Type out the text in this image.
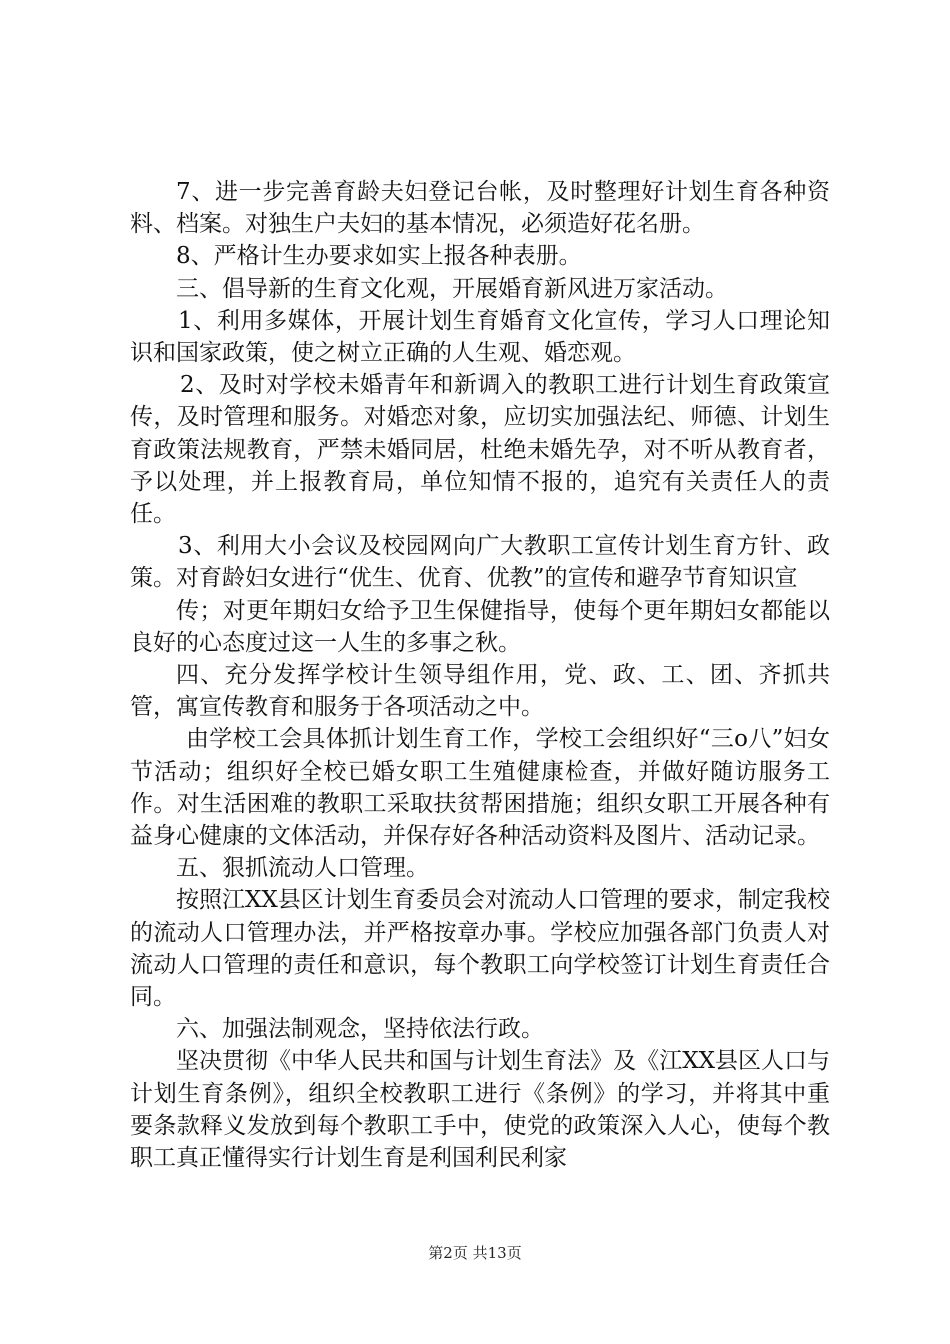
7、进一步完善育龄夫妇登记台帐，及时整理好计划生育各种资料、档案。对独生户夫妇的基本情况，必须造好花名册。

8、严格计生办要求如实上报各种表册。

三、倡导新的生育文化观，开展婚育新风进万家活动。

1、利用多媒体，开展计划生育婚育文化宣传，学习人口理论知识和国家政策，使之树立正确的人生观、婚恋观。

2、及时对学校未婚青年和新调入的教职工进行计划生育政策宣传，及时管理和服务。对婚恋对象，应切实加强法纪、师德、计划生育政策法规教育，严禁未婚同居，杜绝未婚先孕，对不听从教育者，予以处理，并上报教育局，单位知情不报的，追究有关责任人的责任。

3、利用大小会议及校园网向广大教职工宣传计划生育方针、政策。对育龄妇女进行“优生、优育、优教”的宣传和避孕节育知识宣

传；对更年期妇女给予卫生保健指导，使每个更年期妇女都能以良好的心态度过这一人生的多事之秋。

四、充分发挥学校计生领导组作用，党、政、工、团、齐抓共管，寓宣传教育和服务于各项活动之中。

由学校工会具体抓计划生育工作，学校工会组织好“三ο八”妇女节活动；组织好全校已婚女职工生殖健康检查，并做好随访服务工作。对生活困难的教职工采取扶贫帮困措施；组织女职工开展各种有益身心健康的文体活动，并保存好各种活动资料及图片、活动记录。

五、狠抓流动人口管理。

按照江XX县区计划生育委员会对流动人口管理的要求，制定我校的流动人口管理办法，并严格按章办事。学校应加强各部门负责人对流动人口管理的责任和意识，每个教职工向学校签订计划生育责任合同。

六、加强法制观念，坚持依法行政。

坚决贯彻《中华人民共和国与计划生育法》及《江XX县区人口与计划生育条例》，组织全校教职工进行《条例》的学习，并将其中重要条款释义发放到每个教职工手中，使党的政策深入人心，使每个教职工真正懂得实行计划生育是利国利民利家

第2页 共13页
